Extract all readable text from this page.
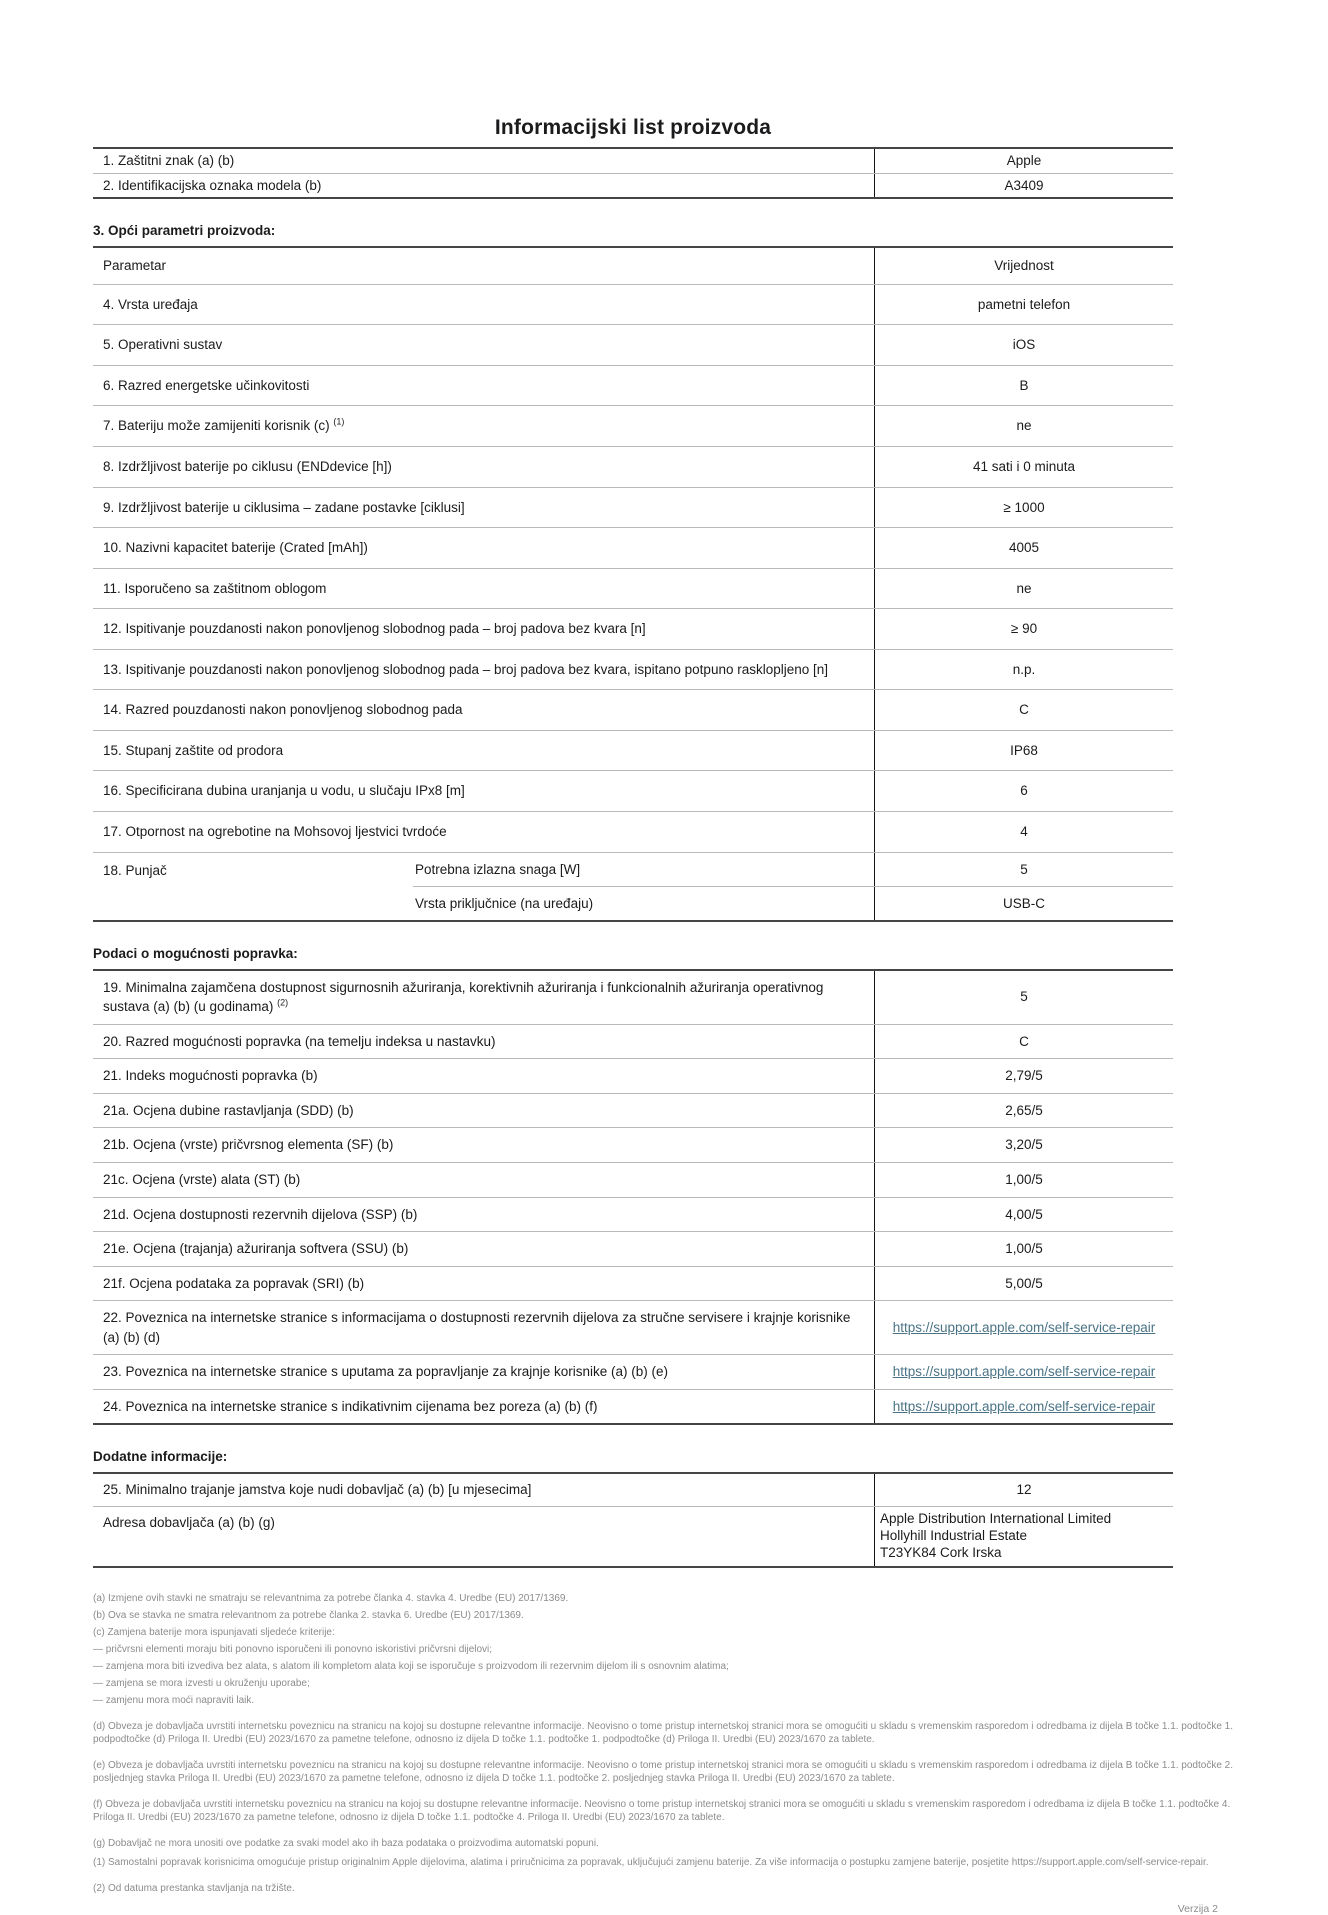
Informacijski list proizvoda
1. Zaštitni znak (a) (b)	Apple
2. Identifikacijska oznaka modela (b)	A3409
3. Opći parametri proizvoda:
Parametar	Vrijednost
4. Vrsta uređaja	pametni telefon
5. Operativni sustav	iOS
6. Razred energetske učinkovitosti	B
7. Bateriju može zamijeniti korisnik (c) $^{(1)}$	ne
8. Izdržljivost baterije po ciklusu (ENDdevice [h])	41 sati i 0 minuta
9. Izdržljivost baterije u ciklusima – zadane postavke [ciklusi]	≥ 1000
10. Nazivni kapacitet baterije (Crated [mAh])	4005
11. Isporučeno sa zaštitnom oblogom	ne
12. Ispitivanje pouzdanosti nakon ponovljenog slobodnog pada – broj padova bez kvara [n]	≥ 90
13. Ispitivanje pouzdanosti nakon ponovljenog slobodnog pada – broj padova bez kvara, ispitano potpuno rasklopljeno [n]	n.p.
14. Razred pouzdanosti nakon ponovljenog slobodnog pada	C
15. Stupanj zaštite od prodora	IP68
16. Specificirana dubina uranjanja u vodu, u slučaju IPx8 [m]	6
17. Otpornost na ogrebotine na Mohsovoj ljestvici tvrdoće	4
18. Punjač	Potrebna izlazna snaga [W]	5
Vrsta priključnice (na uređaju)	USB-C
Podaci o mogućnosti popravka:
19. Minimalna zajamčena dostupnost sigurnosnih ažuriranja, korektivnih ažuriranja i funkcionalnih ažuriranja operativnog sustava (a) (b) (u godinama) $^{(2)}$	5
20. Razred mogućnosti popravka (na temelju indeksa u nastavku)	C
21. Indeks mogućnosti popravka (b)	2,79/5
21a. Ocjena dubine rastavljanja (SDD) (b)	2,65/5
21b. Ocjena (vrste) pričvrsnog elementa (SF) (b)	3,20/5
21c. Ocjena (vrste) alata (ST) (b)	1,00/5
21d. Ocjena dostupnosti rezervnih dijelova (SSP) (b)	4,00/5
21e. Ocjena (trajanja) ažuriranja softvera (SSU) (b)	1,00/5
21f. Ocjena podataka za popravak (SRI) (b)	5,00/5
22. Poveznica na internetske stranice s informacijama o dostupnosti rezervnih dijelova za stručne servisere i krajnje korisnike (a) (b) (d)
https://support.apple.com/self-service-repair
23. Poveznica na internetske stranice s uputama za popravljanje za krajnje korisnike (a) (b) (e)	https://support.apple.com/self-service-repair
24. Poveznica na internetske stranice s indikativnim cijenama bez poreza (a) (b) (f)	https://support.apple.com/self-service-repair
Dodatne informacije:
25. Minimalno trajanje jamstva koje nudi dobavljač (a) (b) [u mjesecima]	12
Adresa dobavljača (a) (b) (g)	Apple Distribution International Limited
Hollyhill Industrial Estate
T23YK84 Cork Irska
(a) Izmjene ovih stavki ne smatraju se relevantnima za potrebe članka 4. stavka 4. Uredbe (EU) 2017/1369.
(b) Ova se stavka ne smatra relevantnom za potrebe članka 2. stavka 6. Uredbe (EU) 2017/1369.
(c) Zamjena baterije mora ispunjavati sljedeće kriterije:
— pričvrsni elementi moraju biti ponovno isporučeni ili ponovno iskoristivi pričvrsni dijelovi;
— zamjena mora biti izvediva bez alata, s alatom ili kompletom alata koji se isporučuje s proizvodom ili rezervnim dijelom ili s osnovnim alatima;
— zamjena se mora izvesti u okruženju uporabe;
— zamjenu mora moći napraviti laik.
(d) Obveza je dobavljača uvrstiti internetsku poveznicu na stranicu na kojoj su dostupne relevantne informacije. Neovisno o tome pristup internetskoj stranici mora se omogućiti u skladu s vremenskim rasporedom i odredbama iz dijela B točke 1.1. podtočke 1. podpodtočke (d) Priloga II. Uredbi (EU) 2023/1670 za pametne telefone, odnosno iz dijela D točke 1.1. podtočke 1. podpodtočke (d) Priloga II. Uredbi (EU) 2023/1670 za tablete.
(e) Obveza je dobavljača uvrstiti internetsku poveznicu na stranicu na kojoj su dostupne relevantne informacije. Neovisno o tome pristup internetskoj stranici mora se omogućiti u skladu s vremenskim rasporedom i odredbama iz dijela B točke 1.1. podtočke 2. posljednjeg stavka Priloga II. Uredbi (EU) 2023/1670 za pametne telefone, odnosno iz dijela D točke 1.1. podtočke 2. posljednjeg stavka Priloga II. Uredbi (EU) 2023/1670 za tablete.
(f) Obveza je dobavljača uvrstiti internetsku poveznicu na stranicu na kojoj su dostupne relevantne informacije. Neovisno o tome pristup internetskoj stranici mora se omogućiti u skladu s vremenskim rasporedom i odredbama iz dijela B točke 1.1. podtočke 4. Priloga II. Uredbi (EU) 2023/1670 za pametne telefone, odnosno iz dijela D točke 1.1. podtočke 4. Priloga II. Uredbi (EU) 2023/1670 za tablete.
(g) Dobavljač ne mora unositi ove podatke za svaki model ako ih baza podataka o proizvodima automatski popuni.
(1) Samostalni popravak korisnicima omogućuje pristup originalnim Apple dijelovima, alatima i priručnicima za popravak, uključujući zamjenu baterije. Za više informacija o postupku zamjene baterije, posjetite https://support.apple.com/self-service-repair.
(2) Od datuma prestanka stavljanja na tržište.
Verzija 2
